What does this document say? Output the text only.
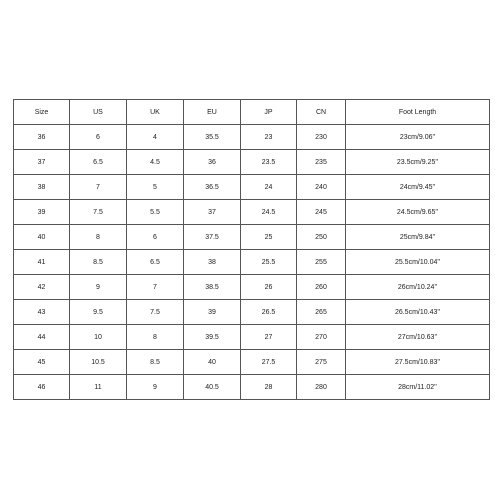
Size	US	UK	EU	JP	CN	Foot Length
36	6	4	35.5	23	230	23cm/9.06''
37	6.5	4.5	36	23.5	235	23.5cm/9.25''
38	7	5	36.5	24	240	24cm/9.45''
39	7.5	5.5	37	24.5	245	24.5cm/9.65''
40	8	6	37.5	25	250	25cm/9.84''
41	8.5	6.5	38	25.5	255	25.5cm/10.04''
42	9	7	38.5	26	260	26cm/10.24''
43	9.5	7.5	39	26.5	265	26.5cm/10.43''
44	10	8	39.5	27	270	27cm/10.63''
45	10.5	8.5	40	27.5	275	27.5cm/10.83''
46	11	9	40.5	28	280	28cm/11.02''
